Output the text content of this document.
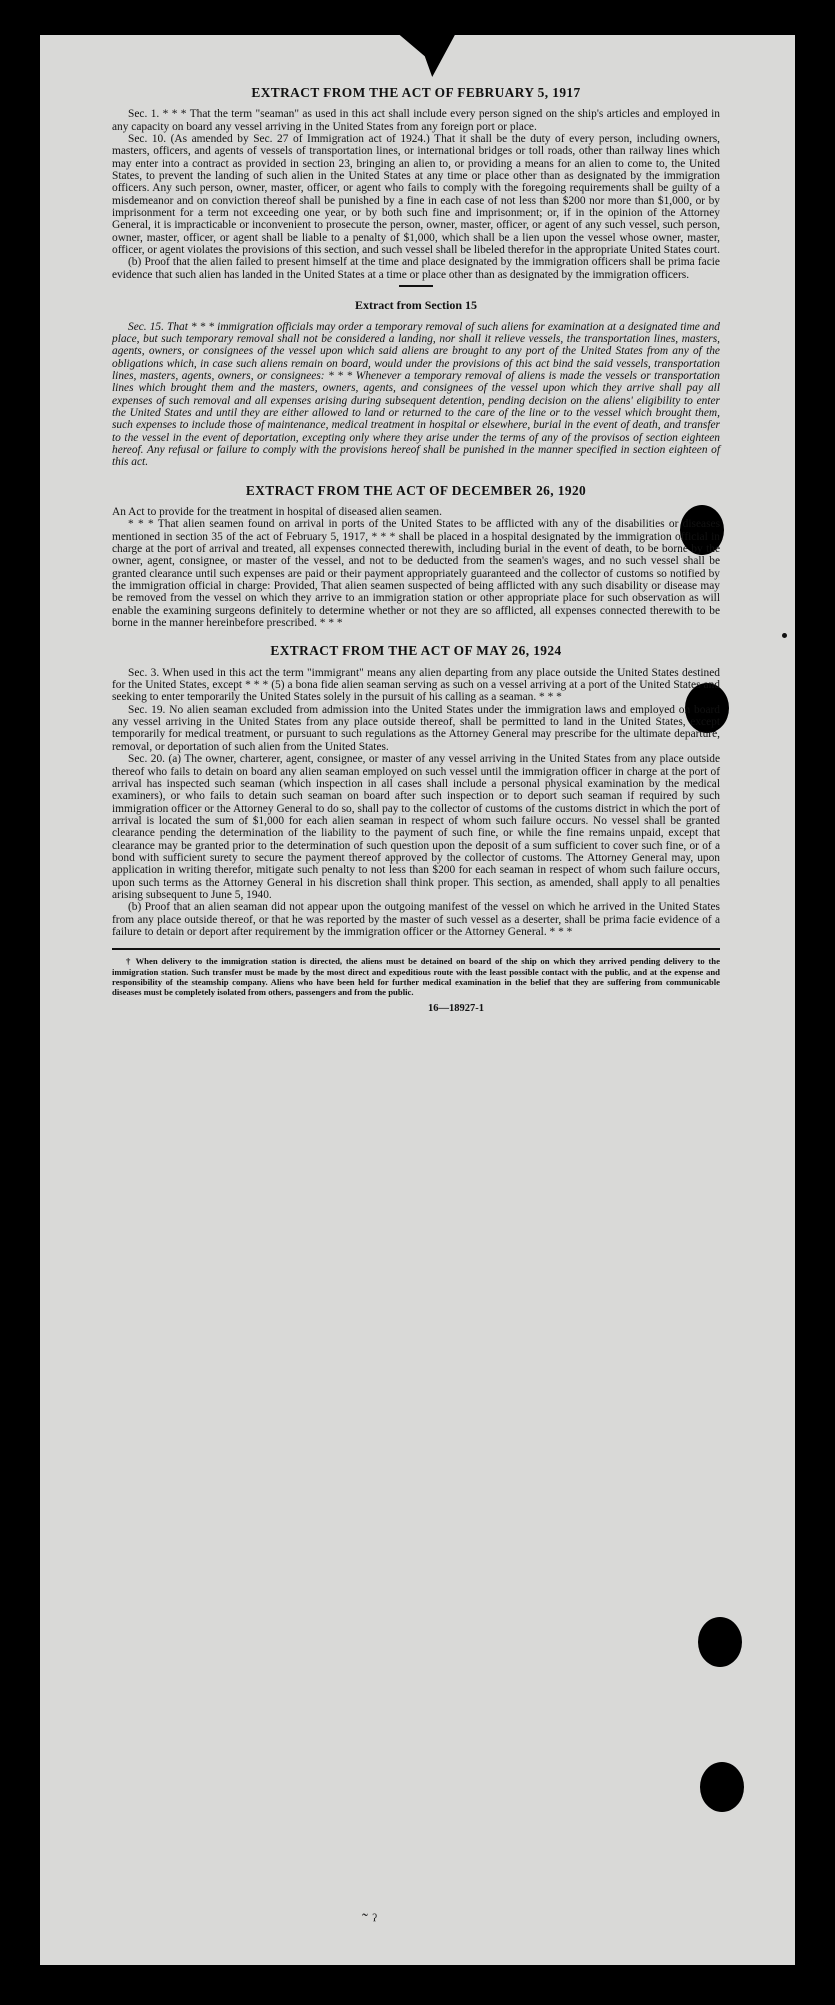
EXTRACT FROM THE ACT OF FEBRUARY 5, 1917

Sec. 1. * * * That the term "seaman" as used in this act shall include every person signed on the ship's articles and employed in any capacity on board any vessel arriving in the United States from any foreign port or place.

Sec. 10. (As amended by Sec. 27 of Immigration act of 1924.) That it shall be the duty of every person, including owners, masters, officers, and agents of vessels of transportation lines, or international bridges or toll roads, other than railway lines which may enter into a contract as provided in section 23, bringing an alien to, or providing a means for an alien to come to, the United States, to prevent the landing of such alien in the United States at any time or place other than as designated by the immigration officers. Any such person, owner, master, officer, or agent who fails to comply with the foregoing requirements shall be guilty of a misdemeanor and on conviction thereof shall be punished by a fine in each case of not less than $200 nor more than $1,000, or by imprisonment for a term not exceeding one year, or by both such fine and imprisonment; or, if in the opinion of the Attorney General, it is impracticable or inconvenient to prosecute the person, owner, master, officer, or agent of any such vessel, such person, owner, master, officer, or agent shall be liable to a penalty of $1,000, which shall be a lien upon the vessel whose owner, master, officer, or agent violates the provisions of this section, and such vessel shall be libeled therefor in the appropriate United States court.

(b) Proof that the alien failed to present himself at the time and place designated by the immigration officers shall be prima facie evidence that such alien has landed in the United States at a time or place other than as designated by the immigration officers.

Extract from Section 15

Sec. 15. That * * * immigration officials may order a temporary removal of such aliens for examination at a designated time and place, but such temporary removal shall not be considered a landing, nor shall it relieve vessels, the transportation lines, masters, agents, owners, or consignees of the vessel upon which said aliens are brought to any port of the United States from any of the obligations which, in case such aliens remain on board, would under the provisions of this act bind the said vessels, transportation lines, masters, agents, owners, or consignees: * * * Whenever a temporary removal of aliens is made the vessels or transportation lines which brought them and the masters, owners, agents, and consignees of the vessel upon which they arrive shall pay all expenses of such removal and all expenses arising during subsequent detention, pending decision on the aliens' eligibility to enter the United States and until they are either allowed to land or returned to the care of the line or to the vessel which brought them, such expenses to include those of maintenance, medical treatment in hospital or elsewhere, burial in the event of death, and transfer to the vessel in the event of deportation, excepting only where they arise under the terms of any of the provisos of section eighteen hereof. Any refusal or failure to comply with the provisions hereof shall be punished in the manner specified in section eighteen of this act.

EXTRACT FROM THE ACT OF DECEMBER 26, 1920

An Act to provide for the treatment in hospital of diseased alien seamen.

* * * That alien seamen found on arrival in ports of the United States to be afflicted with any of the disabilities or diseases mentioned in section 35 of the act of February 5, 1917, * * * shall be placed in a hospital designated by the immigration official in charge at the port of arrival and treated, all expenses connected therewith, including burial in the event of death, to be borne by the owner, agent, consignee, or master of the vessel, and not to be deducted from the seamen's wages, and no such vessel shall be granted clearance until such expenses are paid or their payment appropriately guaranteed and the collector of customs so notified by the immigration official in charge: Provided, That alien seamen suspected of being afflicted with any such disability or disease may be removed from the vessel on which they arrive to an immigration station or other appropriate place for such observation as will enable the examining surgeons definitely to determine whether or not they are so afflicted, all expenses connected therewith to be borne in the manner hereinbefore prescribed. * * *

EXTRACT FROM THE ACT OF MAY 26, 1924

Sec. 3. When used in this act the term "immigrant" means any alien departing from any place outside the United States destined for the United States, except * * * (5) a bona fide alien seaman serving as such on a vessel arriving at a port of the United States and seeking to enter temporarily the United States solely in the pursuit of his calling as a seaman. * * *

Sec. 19. No alien seaman excluded from admission into the United States under the immigration laws and employed on board any vessel arriving in the United States from any place outside thereof, shall be permitted to land in the United States, except temporarily for medical treatment, or pursuant to such regulations as the Attorney General may prescribe for the ultimate departure, removal, or deportation of such alien from the United States.

Sec. 20. (a) The owner, charterer, agent, consignee, or master of any vessel arriving in the United States from any place outside thereof who fails to detain on board any alien seaman employed on such vessel until the immigration officer in charge at the port of arrival has inspected such seaman (which inspection in all cases shall include a personal physical examination by the medical examiners), or who fails to detain such seaman on board after such inspection or to deport such seaman if required by such immigration officer or the Attorney General to do so, shall pay to the collector of customs of the customs district in which the port of arrival is located the sum of $1,000 for each alien seaman in respect of whom such failure occurs. No vessel shall be granted clearance pending the determination of the liability to the payment of such fine, or while the fine remains unpaid, except that clearance may be granted prior to the determination of such question upon the deposit of a sum sufficient to cover such fine, or of a bond with sufficient surety to secure the payment thereof approved by the collector of customs. The Attorney General may, upon application in writing therefor, mitigate such penalty to not less than $200 for each seaman in respect of whom such failure occurs, upon such terms as the Attorney General in his discretion shall think proper. This section, as amended, shall apply to all penalties arising subsequent to June 5, 1940.

(b) Proof that an alien seaman did not appear upon the outgoing manifest of the vessel on which he arrived in the United States from any place outside thereof, or that he was reported by the master of such vessel as a deserter, shall be prima facie evidence of a failure to detain or deport after requirement by the immigration officer or the Attorney General. * * *

† When delivery to the immigration station is directed, the aliens must be detained on board of the ship on which they arrived pending delivery to the immigration station. Such transfer must be made by the most direct and expeditious route with the least possible contact with the public, and at the expense and responsibility of the steamship company. Aliens who have been held for further medical examination in the belief that they are suffering from communicable diseases must be completely isolated from others, passengers and from the public.

16—18927-1
˜ ˀ
